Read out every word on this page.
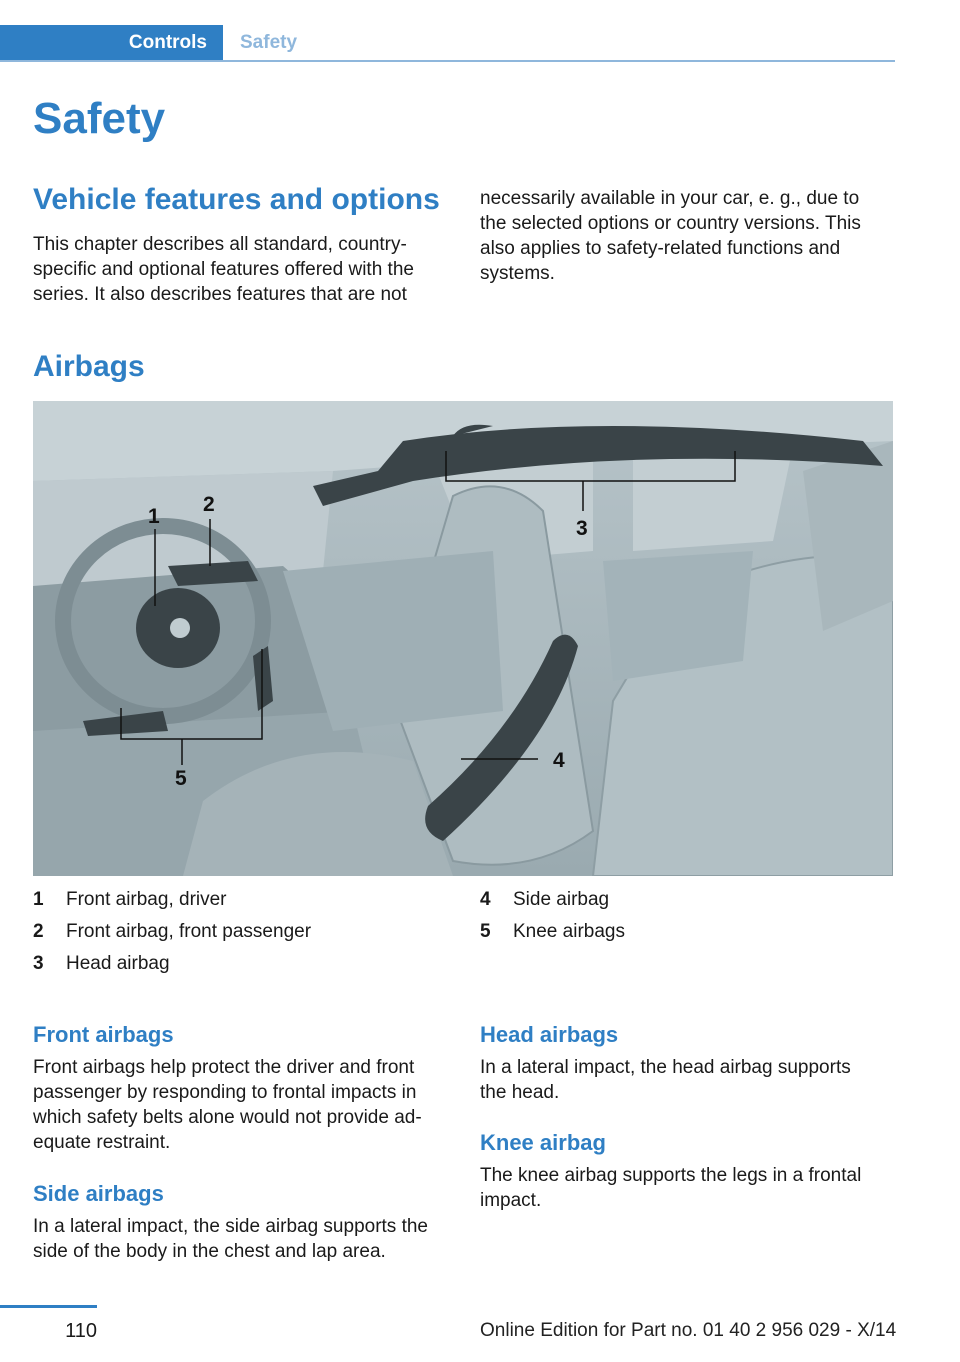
Controls	Safety
Safety
Vehicle features and options

This chapter describes all standard, country-
specific and optional features offered with the
series. It also describes features that are not

necessarily available in your car, e. g., due to
the selected options or country versions. This
also applies to safety-related functions and
systems.

Airbags
1
2
3
4
5
1 Front airbag, driver
2 Front airbag, front passenger
3 Head airbag
4 Side airbag
5 Knee airbags
Front airbags

Front airbags help protect the driver and front
passenger by responding to frontal impacts in
which safety belts alone would not provide ad‐
equate restraint.

Side airbags

In a lateral impact, the side airbag supports the
side of the body in the chest and lap area.

Head airbags

In a lateral impact, the head airbag supports
the head.

Knee airbag

The knee airbag supports the legs in a frontal
impact.

110	Online Edition for Part no. 01 40 2 956 029 - X/14
